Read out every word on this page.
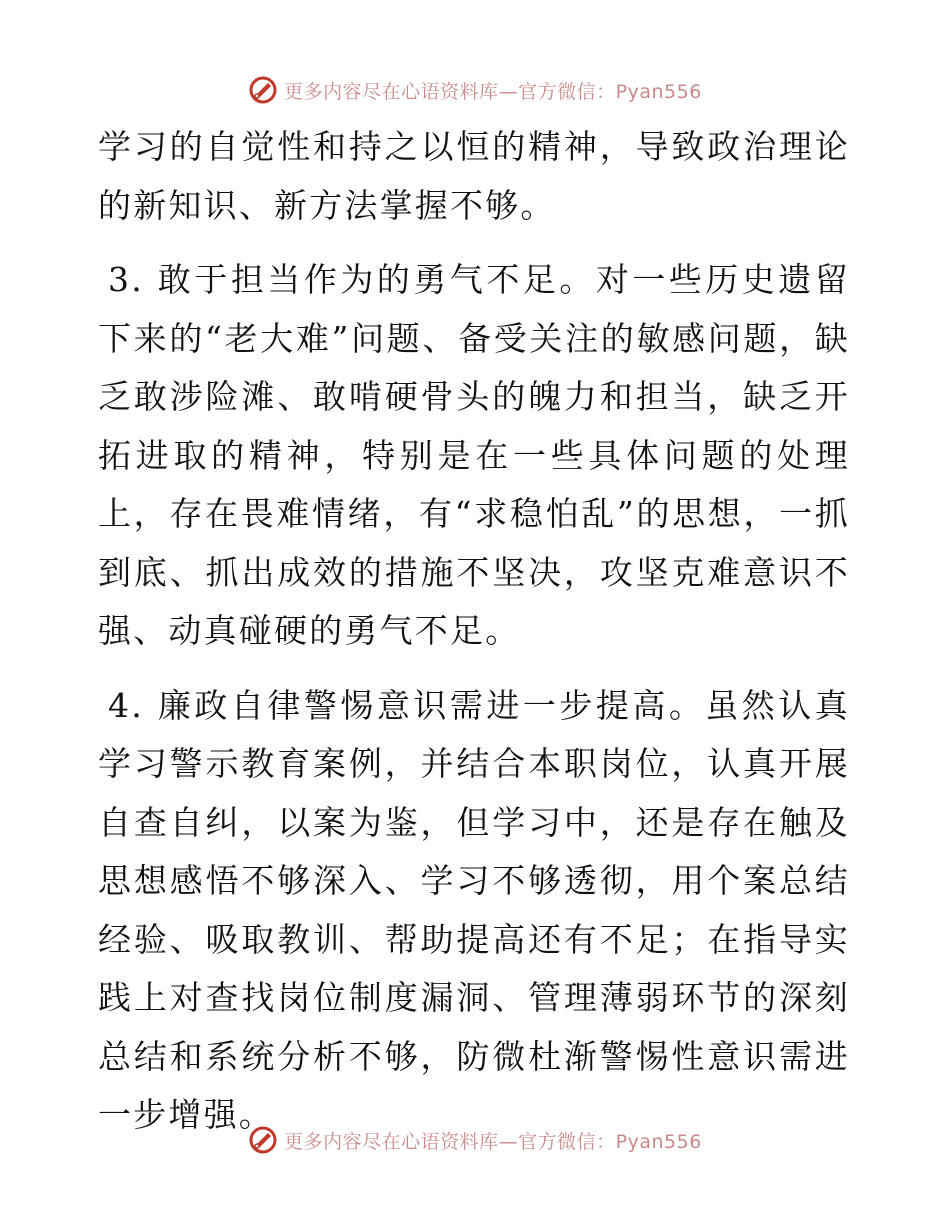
更多内容尽在心语资料库—官方微信：Pyan556

学习的自觉性和持之以恒的精神，导致政治理论的新知识、新方法掌握不够。

3. 敢于担当作为的勇气不足。对一些历史遗留下来的“老大难”问题、备受关注的敏感问题，缺乏敢涉险滩、敢啃硬骨头的魄力和担当，缺乏开拓进取的精神，特别是在一些具体问题的处理上，存在畏难情绪，有“求稳怕乱”的思想，一抓到底、抓出成效的措施不坚决，攻坚克难意识不强、动真碰硬的勇气不足。

4. 廉政自律警惕意识需进一步提高。虽然认真学习警示教育案例，并结合本职岗位，认真开展自查自纠，以案为鉴，但学习中，还是存在触及思想感悟不够深入、学习不够透彻，用个案总结经验、吸取教训、帮助提高还有不足；在指导实践上对查找岗位制度漏洞、管理薄弱环节的深刻总结和系统分析不够，防微杜渐警惕性意识需进一步增强。

更多内容尽在心语资料库—官方微信：Pyan556
